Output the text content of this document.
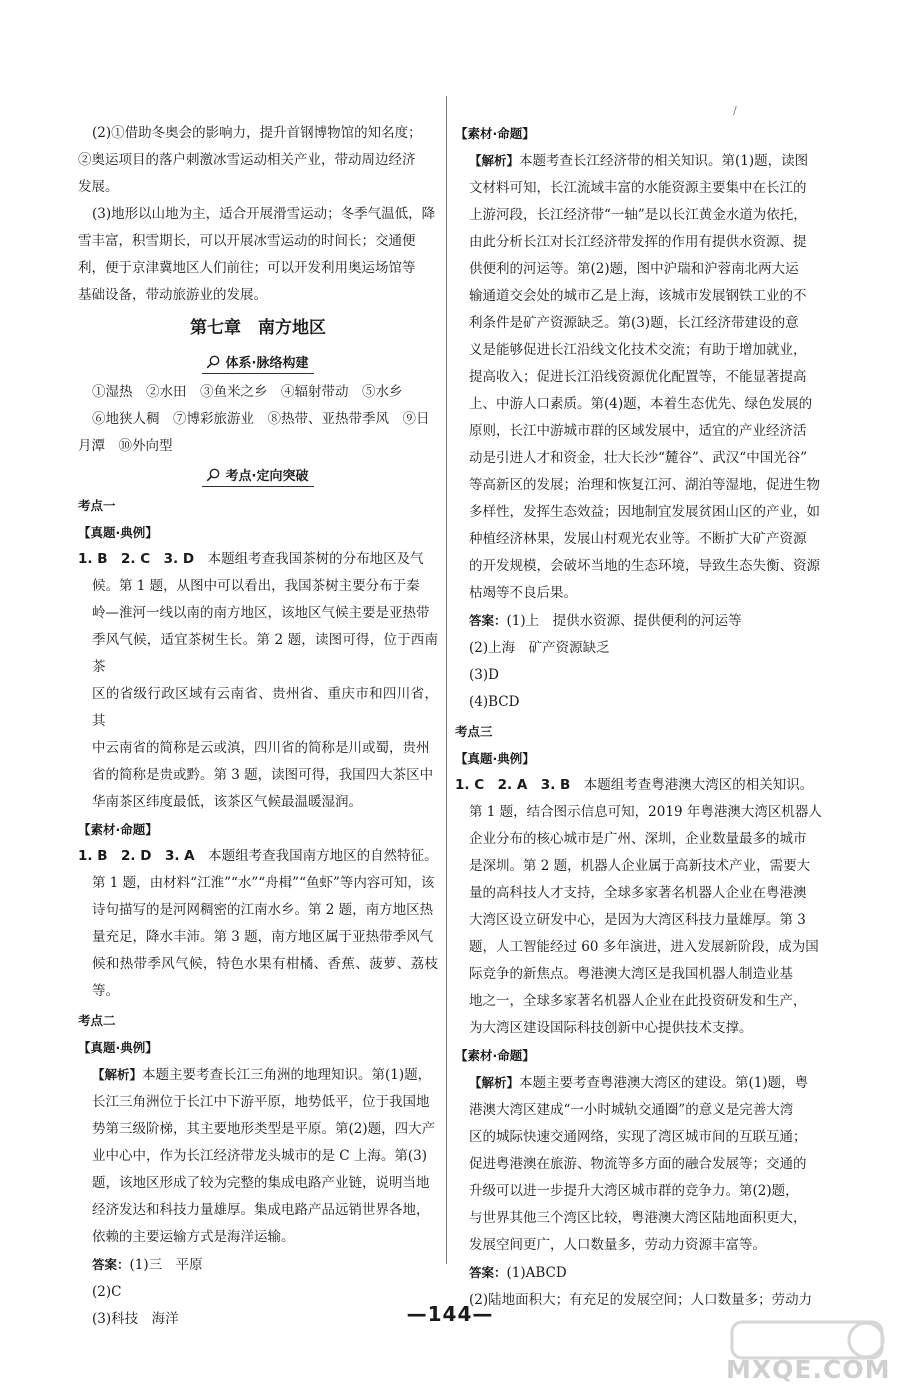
/

(2)①借助冬奥会的影响力，提升首钢博物馆的知名度；

②奥运项目的落户刺激冰雪运动相关产业，带动周边经济

发展。

(3)地形以山地为主，适合开展滑雪运动；冬季气温低，降

雪丰富，积雪期长，可以开展冰雪运动的时间长；交通便

利，便于京津冀地区人们前往；可以开发利用奥运场馆等

基础设备，带动旅游业的发展。

第七章　南方地区
体系·脉络构建

①湿热　②水田　③鱼米之乡　④辐射带动　⑤水乡

⑥地狭人稠　⑦博彩旅游业　⑧热带、亚热带季风　⑨日

月潭　⑩外向型

考点·定向突破

考点一

【真题·典例】

1. B　2. C　3. D　本题组考查我国茶树的分布地区及气

候。第 1 题，从图中可以看出，我国茶树主要分布于秦

岭—淮河一线以南的南方地区，该地区气候主要是亚热带

季风气候，适宜茶树生长。第 2 题，读图可得，位于西南茶

区的省级行政区域有云南省、贵州省、重庆市和四川省，其

中云南省的简称是云或滇，四川省的简称是川或蜀，贵州

省的简称是贵或黔。第 3 题，读图可得，我国四大茶区中

华南茶区纬度最低，该茶区气候最温暖湿润。

【素材·命题】

1. B　2. D　3. A　本题组考查我国南方地区的自然特征。

第 1 题，由材料“江淮”“水”“舟楫”“鱼虾”等内容可知，该

诗句描写的是河网稠密的江南水乡。第 2 题，南方地区热

量充足，降水丰沛。第 3 题，南方地区属于亚热带季风气

候和热带季风气候，特色水果有柑橘、香蕉、菠萝、荔枝等。

考点二

【真题·典例】

【解析】本题主要考查长江三角洲的地理知识。第(1)题，

长江三角洲位于长江中下游平原，地势低平，位于我国地

势第三级阶梯，其主要地形类型是平原。第(2)题，四大产

业中心中，作为长江经济带龙头城市的是 C 上海。第(3)

题，该地区形成了较为完整的集成电路产业链，说明当地

经济发达和科技力量雄厚。集成电路产品远销世界各地，

依赖的主要运输方式是海洋运输。

答案：(1)三　平原

(2)C

(3)科技　海洋

【素材·命题】

【解析】本题考查长江经济带的相关知识。第(1)题，读图

文材料可知，长江流域丰富的水能资源主要集中在长江的

上游河段，长江经济带“一轴”是以长江黄金水道为依托，

由此分析长江对长江经济带发挥的作用有提供水资源、提

供便利的河运等。第(2)题，图中沪瑞和沪蓉南北两大运

输通道交会处的城市乙是上海，该城市发展钢铁工业的不

利条件是矿产资源缺乏。第(3)题，长江经济带建设的意

义是能够促进长江沿线文化技术交流；有助于增加就业，

提高收入；促进长江沿线资源优化配置等，不能显著提高

上、中游人口素质。第(4)题，本着生态优先、绿色发展的

原则，长江中游城市群的区域发展中，适宜的产业经济活

动是引进人才和资金，壮大长沙“麓谷”、武汉“中国光谷”

等高新区的发展；治理和恢复江河、湖泊等湿地，促进生物

多样性，发挥生态效益；因地制宜发展贫困山区的产业，如

种植经济林果，发展山村观光农业等。不断扩大矿产资源

的开发规模，会破坏当地的生态环境，导致生态失衡、资源

枯竭等不良后果。

答案：(1)上　提供水资源、提供便利的河运等

(2)上海　矿产资源缺乏

(3)D

(4)BCD

考点三

【真题·典例】

1. C　2. A　3. B　本题组考查粤港澳大湾区的相关知识。

第 1 题，结合图示信息可知，2019 年粤港澳大湾区机器人

企业分布的核心城市是广州、深圳，企业数量最多的城市

是深圳。第 2 题，机器人企业属于高新技术产业，需要大

量的高科技人才支持，全球多家著名机器人企业在粤港澳

大湾区设立研发中心，是因为大湾区科技力量雄厚。第 3

题，人工智能经过 60 多年演进，进入发展新阶段，成为国

际竞争的新焦点。粤港澳大湾区是我国机器人制造业基

地之一，全球多家著名机器人企业在此投资研发和生产，

为大湾区建设国际科技创新中心提供技术支撑。

【素材·命题】

【解析】本题主要考查粤港澳大湾区的建设。第(1)题，粤

港澳大湾区建成“一小时城轨交通圈”的意义是完善大湾

区的城际快速交通网络，实现了湾区城市间的互联互通；

促进粤港澳在旅游、物流等多方面的融合发展等；交通的

升级可以进一步提升大湾区城市群的竞争力。第(2)题，

与世界其他三个湾区比较，粤港澳大湾区陆地面积更大，

发展空间更广，人口数量多，劳动力资源丰富等。

答案：(1)ABCD

(2)陆地面积大；有充足的发展空间；人口数量多；劳动力

—144—
MXQE.COM
